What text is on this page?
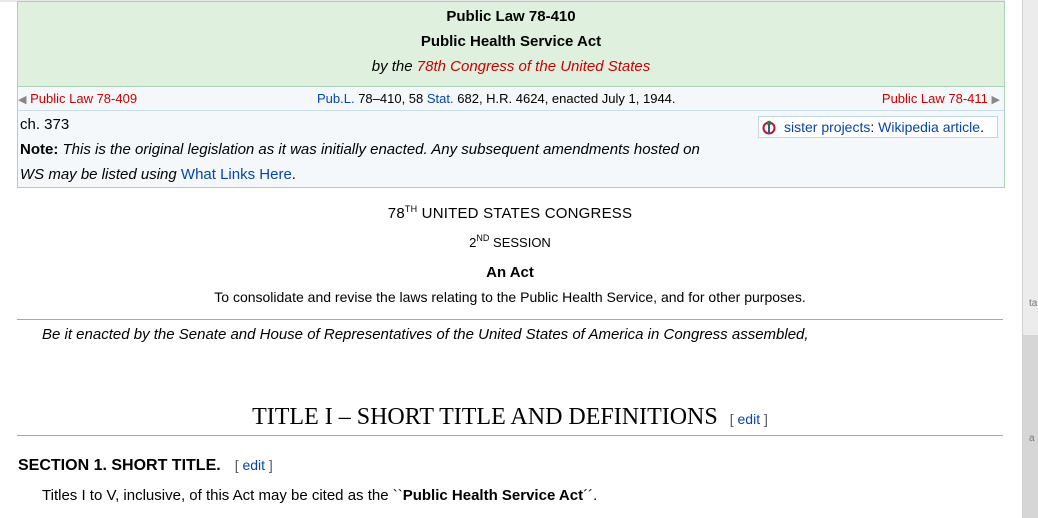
Public Law 78-410
Public Health Service Act
by the 78th Congress of the United States
◀ Public Law 78-409	Pub.L. 78–410, 58 Stat. 682, H.R. 4624, enacted July 1, 1944.	Public Law 78-411 ▶
ch. 373
Note: This is the original legislation as it was initially enacted. Any subsequent amendments hosted on
WS may be listed using What Links Here.
sister projects: Wikipedia article.
78TH UNITED STATES CONGRESS
2ND SESSION
An Act
To consolidate and revise the laws relating to the Public Health Service, and for other purposes.
Be it enacted by the Senate and House of Representatives of the United States of America in Congress assembled,
TITLE I – SHORT TITLE AND DEFINITIONS [ edit ]
SECTION 1. SHORT TITLE. [ edit ]
Titles I to V, inclusive, of this Act may be cited as the ``Public Health Service Act´´.
ta
a
